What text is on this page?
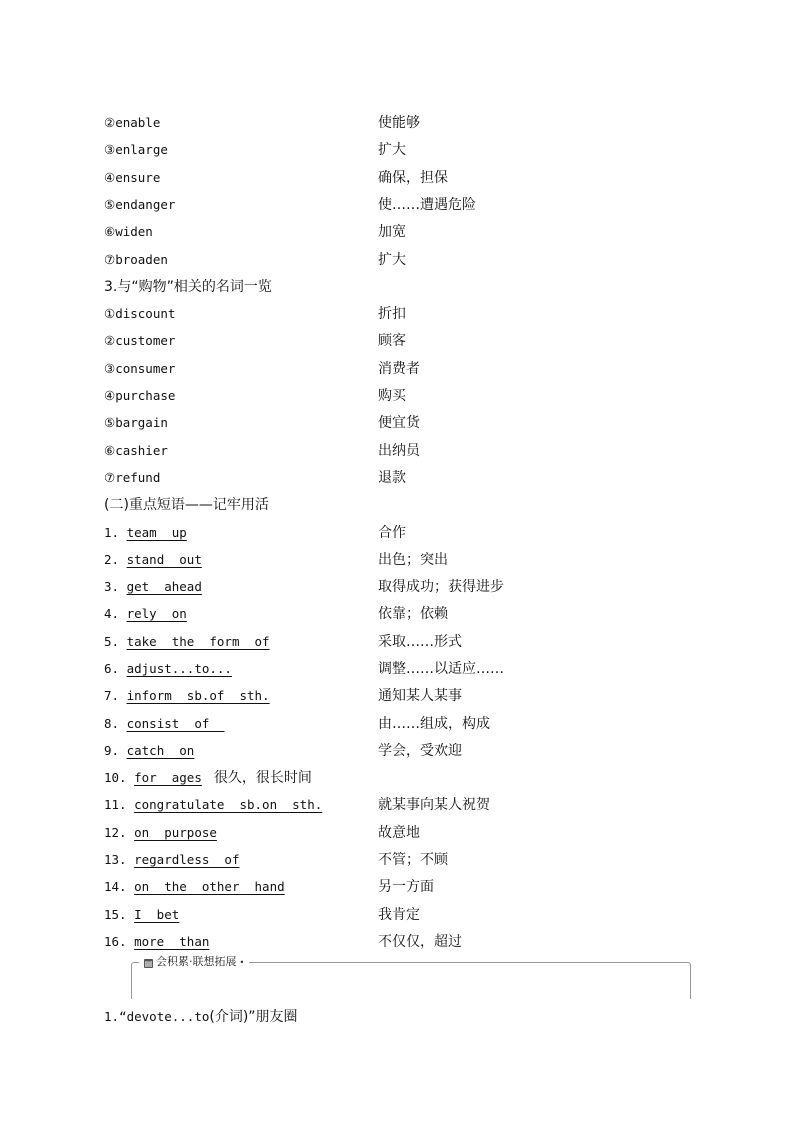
②enable	使能够
③enlarge	扩大
④ensure	确保，担保
⑤endanger	使……遭遇危险
⑥widen	加宽
⑦broaden	扩大
3.与“购物”相关的名词一览
①discount	折扣
②customer	顾客
③consumer	消费者
④purchase	购买
⑤bargain	便宜货
⑥cashier	出纳员
⑦refund	退款
(二)重点短语——记牢用活
1. team  up	合作
2. stand  out	出色；突出
3. get  ahead	取得成功；获得进步
4. rely  on	依靠；依赖
5. take  the  form  of	采取……形式
6. adjust...to...	调整……以适应……
7. inform  sb.of  sth.	通知某人某事
8. consist  of	由……组成，构成
9. catch  on	学会，受欢迎
10. for  ages 很久，很长时间
11. congratulate  sb.on  sth.	就某事向某人祝贺
12. on  purpose	故意地
13. regardless  of	不管；不顾
14. on  the  other  hand	另一方面
15. I  bet	我肯定
16. more  than	不仅仅，超过
▤ 会积累·联想拓展 •
1.“devote...to(介词)”朋友圈
